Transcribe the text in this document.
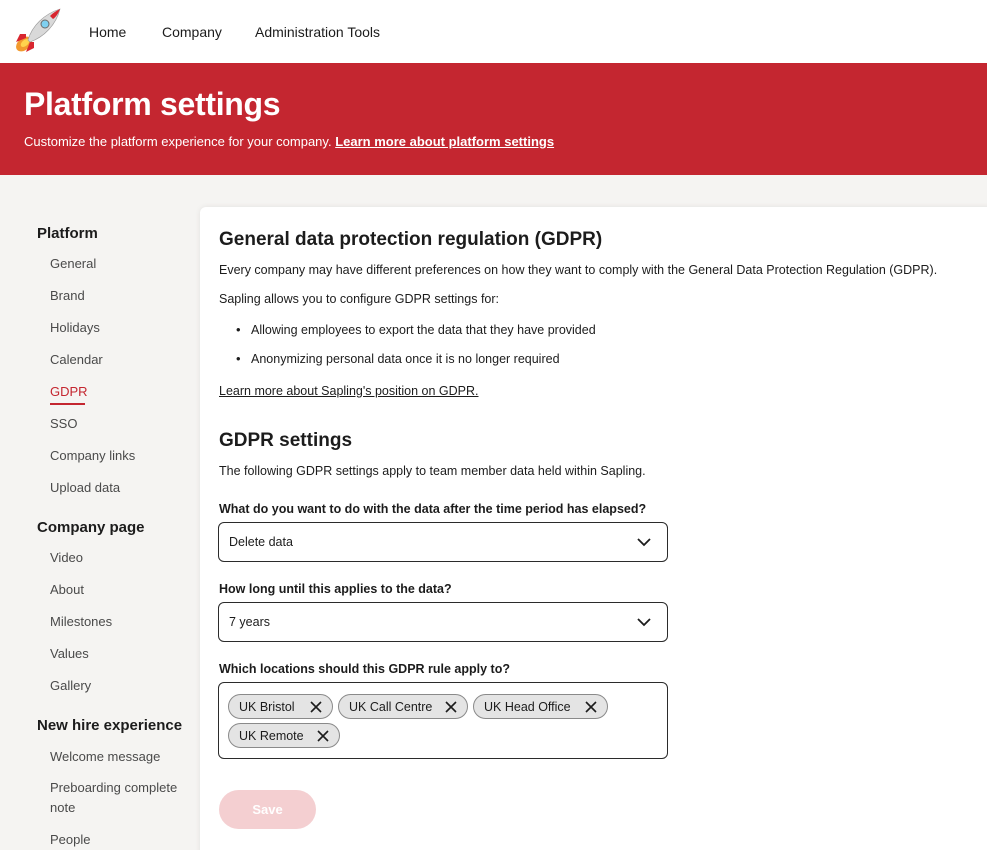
Home	Company Administration Tools
Platform settings
Customize the platform experience for your company. Learn more about platform settings
Platform
General
Brand
Holidays
Calendar
GDPR
SSO
Company links
Upload data
Company page
Video
About
Milestones
Values
Gallery
New hire experience
Welcome message
Preboarding complete
note
People
General data protection regulation (GDPR)
Every company may have different preferences on how they want to comply with the General Data Protection Regulation (GDPR).
Sapling allows you to configure GDPR settings for:
• Allowing employees to export the data that they have provided
• Anonymizing personal data once it is no longer required
Learn more about Sapling's position on GDPR.
GDPR settings
The following GDPR settings apply to team member data held within Sapling.
What do you want to do with the data after the time period has elapsed?
Delete data
How long until this applies to the data?
7 years
Which locations should this GDPR rule apply to?
UK Bristol	UK Call Centre	UK Head Office
UK Remote
Save
